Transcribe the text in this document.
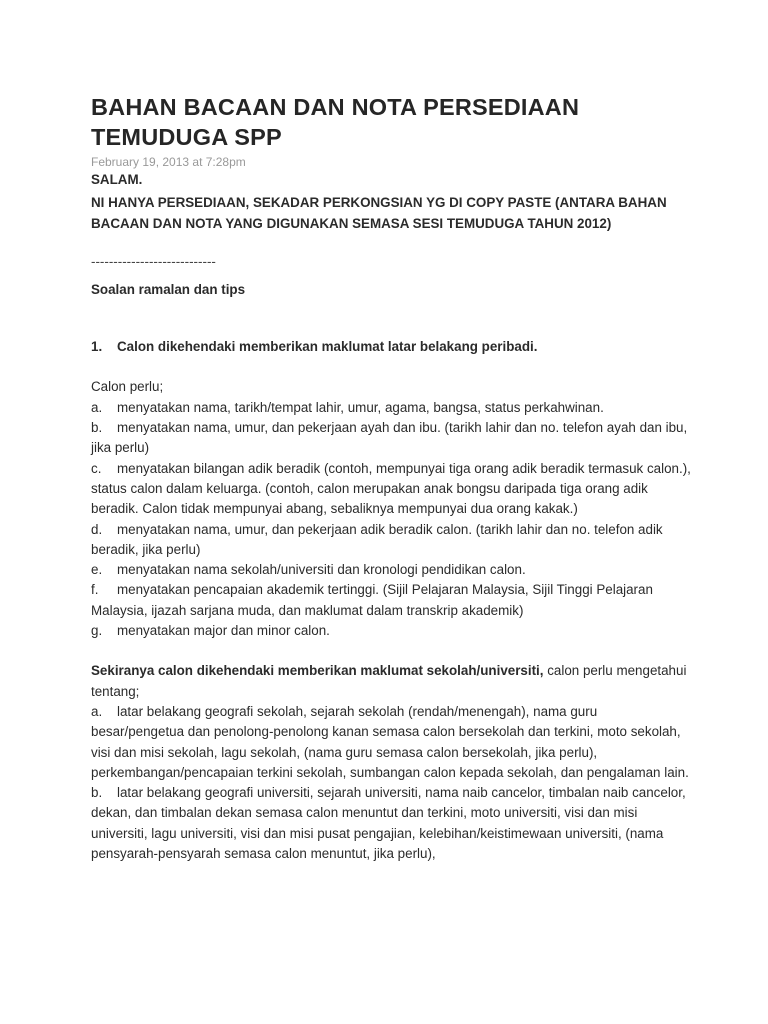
BAHAN BACAAN DAN NOTA PERSEDIAAN TEMUDUGA SPP
February 19, 2013 at 7:28pm

SALAM.

NI HANYA PERSEDIAAN, SEKADAR PERKONGSIAN YG DI COPY PASTE (ANTARA BAHAN BACAAN DAN NOTA YANG DIGUNAKAN SEMASA SESI TEMUDUGA TAHUN 2012)

----------------------------

Soalan ramalan dan tips

1. Calon dikehendaki memberikan maklumat latar belakang peribadi.

Calon perlu;

a. menyatakan nama, tarikh/tempat lahir, umur, agama, bangsa, status perkahwinan.

b. menyatakan nama, umur, dan pekerjaan ayah dan ibu. (tarikh lahir dan no. telefon ayah dan ibu, jika perlu)

c. menyatakan bilangan adik beradik (contoh, mempunyai tiga orang adik beradik termasuk calon.), status calon dalam keluarga. (contoh, calon merupakan anak bongsu daripada tiga orang adik beradik. Calon tidak mempunyai abang, sebaliknya mempunyai dua orang kakak.)

d. menyatakan nama, umur, dan pekerjaan adik beradik calon. (tarikh lahir dan no. telefon adik beradik, jika perlu)

e. menyatakan nama sekolah/universiti dan kronologi pendidikan calon.

f. menyatakan pencapaian akademik tertinggi. (Sijil Pelajaran Malaysia, Sijil Tinggi Pelajaran Malaysia, ijazah sarjana muda, dan maklumat dalam transkrip akademik)

g. menyatakan major dan minor calon.

Sekiranya calon dikehendaki memberikan maklumat sekolah/universiti, calon perlu mengetahui tentang;

a. latar belakang geografi sekolah, sejarah sekolah (rendah/menengah), nama guru besar/pengetua dan penolong-penolong kanan semasa calon bersekolah dan terkini, moto sekolah, visi dan misi sekolah, lagu sekolah, (nama guru semasa calon bersekolah, jika perlu), perkembangan/pencapaian terkini sekolah, sumbangan calon kepada sekolah, dan pengalaman lain.

b. latar belakang geografi universiti, sejarah universiti, nama naib cancelor, timbalan naib cancelor, dekan, dan timbalan dekan semasa calon menuntut dan terkini, moto universiti, visi dan misi universiti, lagu universiti, visi dan misi pusat pengajian, kelebihan/keistimewaan universiti, (nama pensyarah-pensyarah semasa calon menuntut, jika perlu),
